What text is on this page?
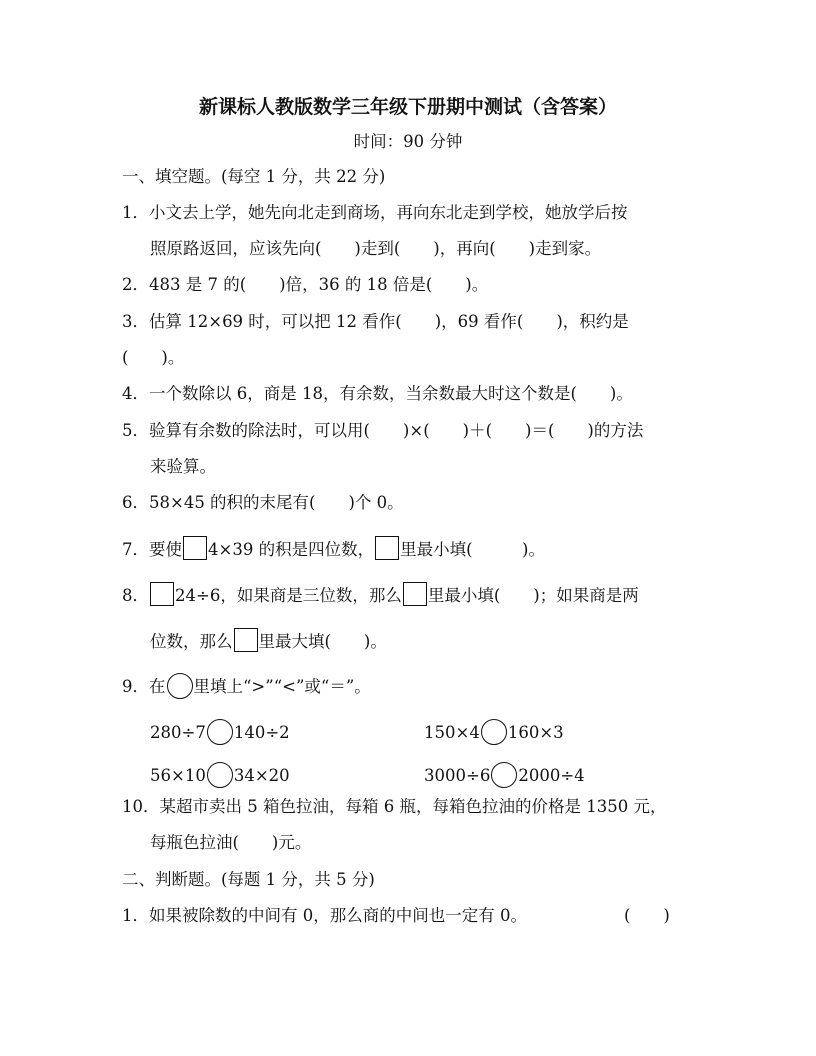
新课标人教版数学三年级下册期中测试（含答案）
时间：90 分钟
一、填空题。(每空 1 分，共 22 分)
1．小文去上学，她先向北走到商场，再向东北走到学校，她放学后按
照原路返回，应该先向(　　)走到(　　)，再向(　　)走到家。
2．483 是 7 的(　　)倍，36 的 18 倍是(　　)。
3．估算 12×69 时，可以把 12 看作(　　)，69 看作(　　)，积约是
(　　)。
4．一个数除以 6，商是 18，有余数，当余数最大时这个数是(　　)。
5．验算有余数的除法时，可以用(　　)×(　　)＋(　　)＝(　　)的方法
来验算。
6．58×45 的积的末尾有(　　)个 0。
7．要使 4×39 的积是四位数， 里最小填(　　　)。
8． 24÷6，如果商是三位数，那么 里最小填(　　)；如果商是两
位数，那么 里最大填(　　)。
9．在 里填上“>”“<”或“＝”。
280÷7 140÷2	150×4 160×3
56×10 34×20	3000÷6 2000÷4
10．某超市卖出 5 箱色拉油，每箱 6 瓶，每箱色拉油的价格是 1350 元，
每瓶色拉油(　　)元。
二、判断题。(每题 1 分，共 5 分)
1．如果被除数的中间有 0，那么商的中间也一定有 0。	(　　)
